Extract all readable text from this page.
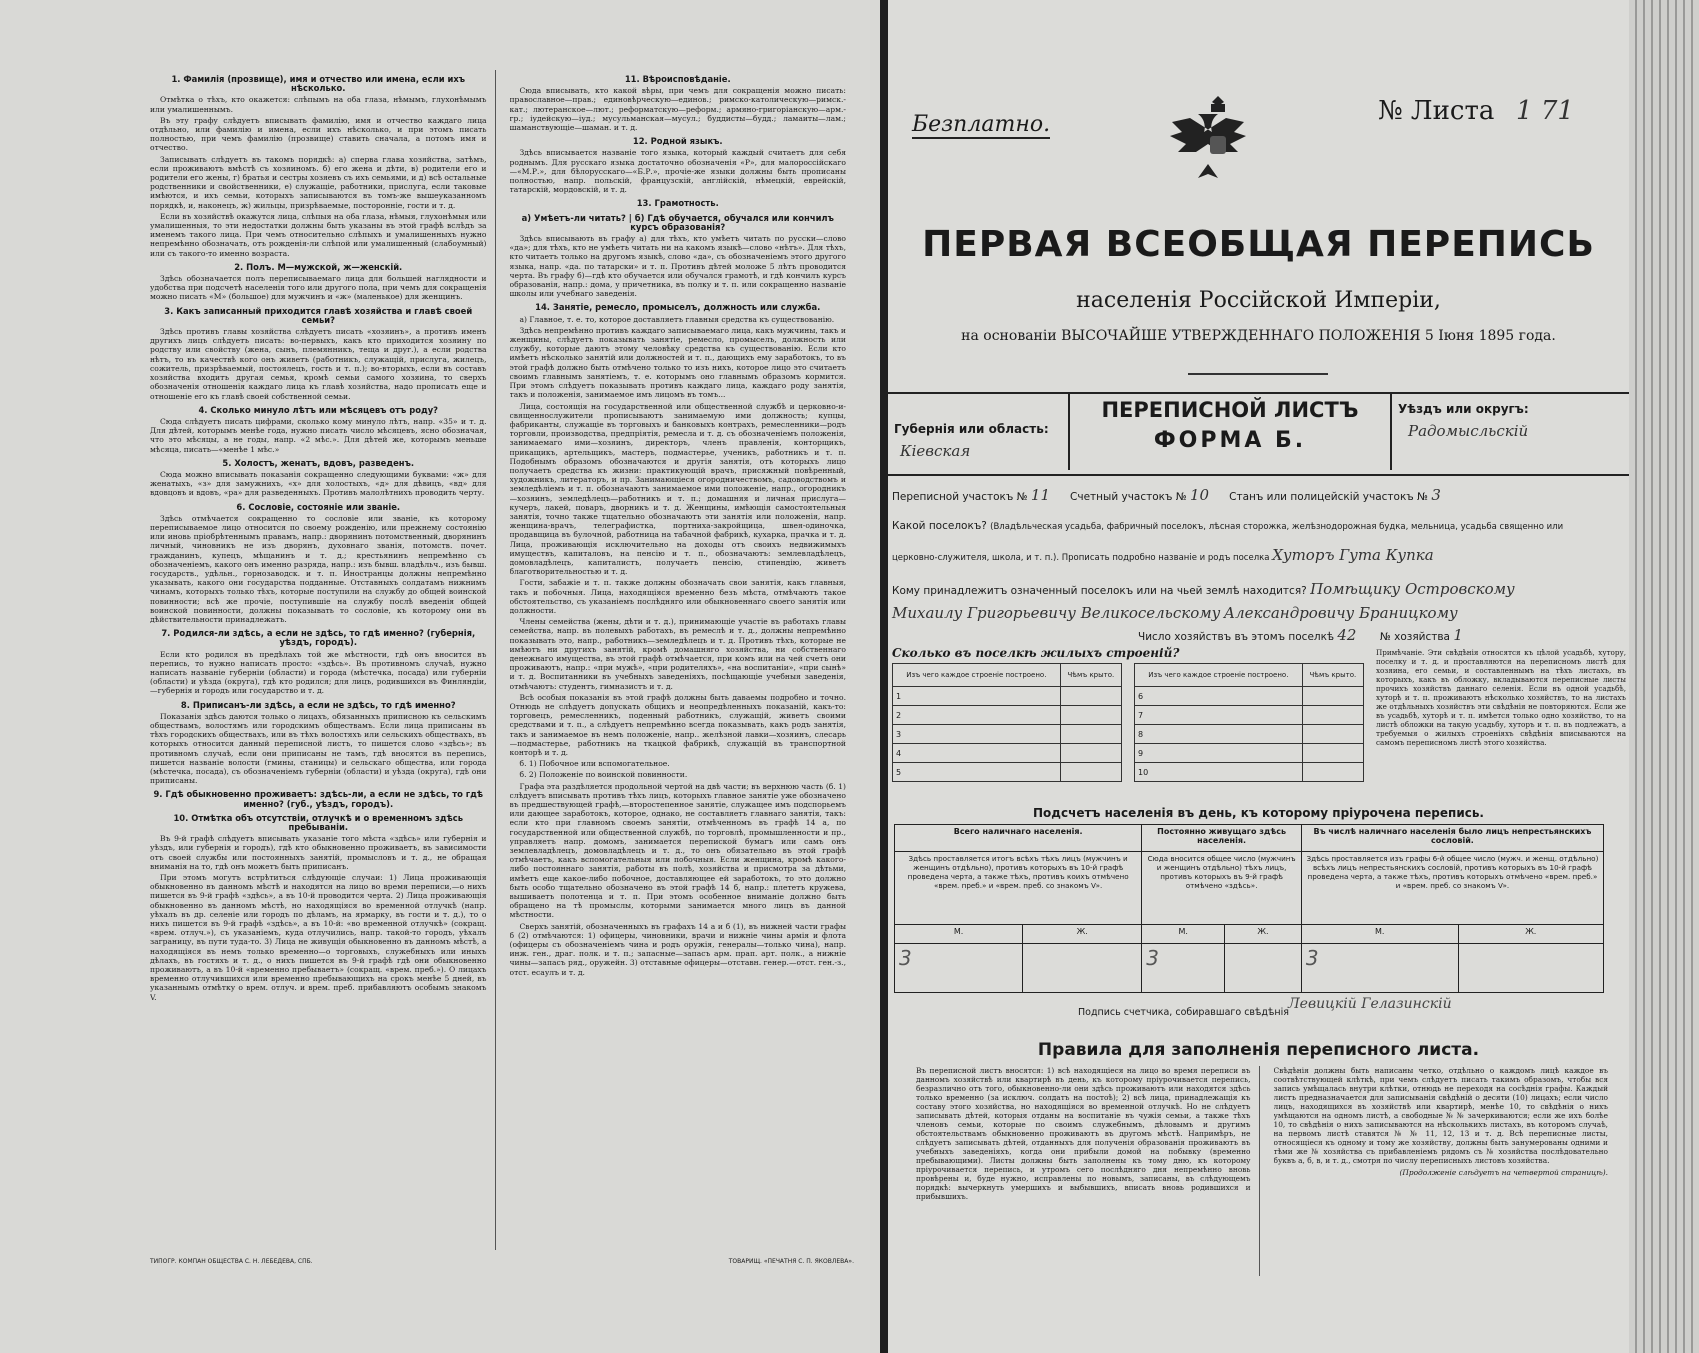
1. Фамилія (прозвище), имя и отчество или имена, если ихъ нѣсколько.

Отмѣтка о тѣхъ, кто окажется: слѣпымъ на оба глаза, нѣмымъ, глухонѣмымъ или умалишеннымъ.

Въ эту графу слѣдуетъ вписывать фамилію, имя и отчество каждаго лица отдѣльно, или фамилію и имена, если ихъ нѣсколько, и при этомъ писать полностью, при чемъ фамилію (прозвище) ставить сначала, а потомъ имя и отчество.

Записывать слѣдуетъ въ такомъ порядкѣ: а) сперва глава хозяйства, затѣмъ, если проживаютъ вмѣстѣ съ хозяиномъ. б) его жена и дѣти, в) родители его и родители его жены, г) братья и сестры хозяевъ съ ихъ семьями, и д) всѣ остальные родственники и свойственники, е) служащіе, работники, прислуга, если таковые имѣются, и ихъ семьи, которыхъ записываются въ томъ-же вышеуказанномъ порядкѣ, и, наконецъ, ж) жильцы, призрѣваемые, посторонніе, гости и т. д.

Если въ хозяйствѣ окажутся лица, слѣпыя на оба глаза, нѣмыя, глухонѣмыя или умалишенныя, то эти недостатки должны быть указаны въ этой графѣ вслѣдъ за именемъ такого лица. При чемъ относительно слѣпыхъ и умалишенныхъ нужно непремѣнно обозначать, отъ рожденія-ли слѣпой или умалишенный (слабоумный) или съ такого-то именно возраста.

2. Полъ. М—мужской, ж—женскій.

Здѣсь обозначается полъ переписываемаго лица для большей наглядности и удобства при подсчетѣ населенія того или другого пола, при чемъ для сокращенія можно писать «М» (большое) для мужчинъ и «ж» (маленькое) для женщинъ.

3. Какъ записанный приходится главѣ хозяйства и главѣ своей семьи?

Здѣсь противъ главы хозяйства слѣдуетъ писать «хозяинъ», а противъ именъ другихъ лицъ слѣдуетъ писать: во-первыхъ, какъ кто приходится хозяину по родству или свойству (жена, сынъ, племянникъ, теща и друг.), а если родства нѣтъ, то въ качествѣ кого онъ живетъ (работникъ, служащій, прислуга, жилецъ, сожитель, призрѣваемый, постоялецъ, гость и т. п.); во-вторыхъ, если въ составъ хозяйства входитъ другая семья, кромѣ семьи самого хозяина, то сверхъ обозначенія отношенія каждаго лица къ главѣ хозяйства, надо прописать еще и отношеніе его къ главѣ своей собственной семьи.

4. Сколько минуло лѣтъ или мѣсяцевъ отъ роду?

Сюда слѣдуетъ писать цифрами, сколько кому минуло лѣтъ, напр. «35» и т. д. Для дѣтей, которымъ менѣе года, нужно писать число мѣсяцевъ, ясно обозначая, что это мѣсяцы, а не годы, напр. «2 мѣс.». Для дѣтей же, которымъ меньше мѣсяца, писать—«менѣе 1 мѣс.»

5. Холостъ, женатъ, вдовъ, разведенъ.

Сюда можно вписывать показанія сокращенно следующими буквами: «ж» для женатыхъ, «з» для замужнихъ, «х» для холостыхъ, «д» для дѣвицъ, «вд» для вдовцовъ и вдовъ, «ра» для разведенныхъ. Противъ малолѣтнихъ проводить черту.

6. Сословіе, состояніе или званіе.

Здѣсь отмѣчается сокращенно то сословіе или званіе, къ которому переписываемое лицо относится по своему рожденію, или прежнему состоянію или иновь пріобрѣтеннымъ правамъ, напр.: дворянинъ потомственный, дворянинъ личный, чиновникъ не изъ дворянъ, духовнаго званія, потомств. почет. гражданинъ, купецъ, мѣщанинъ и т. д.; крестьянинъ непремѣнно съ обозначеніемъ, какого онъ именно разряда, напр.: изъ бывш. владѣльч., изъ бывш. государств., удѣльн., горнозаводск. и т. п. Иностранцы должны непремѣнно указывать, какого они государства подданные. Отставныхъ солдатамъ нижнимъ чинамъ, которыхъ только тѣхъ, которые поступили на службу до общей воинской повинности; всѣ же прочіе, поступившіе на службу послѣ введенія общей воинской повинности, должны показывать то сословіе, къ которому они въ дѣйствительности принадлежатъ.

7. Родился-ли здѣсь, а если не здѣсь, то гдѣ именно? (губернія, уѣздъ, городъ).

Если кто родился въ предѣлахъ той же мѣстности, гдѣ онъ вносится въ перепись, то нужно написать просто: «здѣсь». Въ противномъ случаѣ, нужно написать названіе губерніи (области) и города (мѣстечка, посада) или губерніи (области) и уѣзда (округа), гдѣ кто родился; для лицъ, родившихся въ Финляндіи,—губернія и городъ или государство и т. д.

8. Приписанъ-ли здѣсь, а если не здѣсь, то гдѣ именно?

Показанія здѣсь даются только о лицахъ, обязанныхъ приписною къ сельскимъ обществамъ, волостямъ или городскимъ обществамъ. Если лица приписаны въ тѣхъ городскихъ обществахъ, или въ тѣхъ волостяхъ или сельскихъ обществахъ, въ которыхъ относится данный переписной листъ, то пишется слово «здѣсь»; въ противномъ случаѣ, если они приписаны не тамъ, гдѣ вносятся въ перепись, пишется названіе волости (гмины, станицы) и сельскаго общества, или города (мѣстечка, посада), съ обозначеніемъ губерніи (области) и уѣзда (округа), гдѣ они приписаны.

9. Гдѣ обыкновенно проживаетъ: здѣсь-ли, а если не здѣсь, то гдѣ именно? (губ., уѣздъ, городъ).
10. Отмѣтка объ отсутствіи, отлучкѣ и о временномъ здѣсь пребываніи.

Въ 9-й графѣ слѣдуетъ вписывать указаніе того мѣста «здѣсь» или губернія и уѣздъ, или губернія и городъ), гдѣ кто обыкновенно проживаетъ, въ зависимости отъ своей службы или постоянныхъ занятій, промысловъ и т. д., не обращая вниманія на то, гдѣ онъ можетъ быть приписанъ.

При этомъ могутъ встрѣтиться слѣдующіе случаи: 1) Лица проживающія обыкновенно въ данномъ мѣстѣ и находятся на лицо во время переписи,—о нихъ пишется въ 9-й графѣ «здѣсь», а въ 10-й проводится черта. 2) Лица проживающія обыкновенно въ данномъ мѣстѣ, но находящіяся во временной отлучкѣ (напр. уѣхалъ въ др. селеніе или городъ по дѣламъ, на ярмарку, въ гости и т. д.), то о нихъ пишется въ 9-й графѣ «здѣсь», а въ 10-й: «во временной отлучкѣ» (сокращ. «врем. отлуч.»), съ указаніемъ, куда отлучились, напр. такой-то городъ, уѣхалъ заграницу, въ пути туда-то. 3) Лица не живущія обыкновенно въ данномъ мѣстѣ, а находящіяся въ немъ только временно—о торговыхъ, служебныхъ или иныхъ дѣлахъ, въ гостяхъ и т. д., о нихъ пишется въ 9-й графѣ гдѣ они обыкновенно проживаютъ, а въ 10-й «временно пребываетъ» (сокращ. «врем. преб.»). О лицахъ временно отлучившихся или временно пребывающихъ на срокъ менѣе 5 дней, въ указаннымъ отмѣтку о врем. отлуч. и врем. преб. прибавляютъ особымъ знакомъ V.

11. Вѣроисповѣданіе.

Сюда вписывать, кто какой вѣры, при чемъ для сокращенія можно писать: православное—прав.; единовѣрческую—единов.; римско-католическую—римск.-кат.; лютеранское—лют.; реформатскую—реформ.; армяно-григоріанскую—арм.-гр.; іудейскую—іуд.; мусульманская—мусул.; буддисты—будд.; ламаиты—лам.; шаманствующіе—шаман. и т. д.

12. Родной языкъ.

Здѣсь вписывается названіе того языка, который каждый считаетъ для себя роднымъ. Для русскаго языка достаточно обозначенія «Р», для малороссійскаго—«М.Р.», для бѣлорусскаго—«Б.Р.», прочіе-же языки должны быть прописаны полностью, напр. польскій, французскій, англійскій, нѣмецкій, еврейскій, татарскій, мордовскій, и т. д.

13. Грамотность.
а) Умѣетъ-ли читать? | б) Гдѣ обучается, обучался или кончилъ курсъ образованія?

Здѣсь вписывають въ графу а) для тѣхъ, кто умѣетъ читать по русски—слово «да»; для тѣхъ, кто не умѣетъ читать ни на какомъ языкѣ—слово «нѣтъ». Для тѣхъ, кто читаетъ только на другомъ языкѣ, слово «да», съ обозначеніемъ этого другого языка, напр. «да. по татарски» и т. п. Противъ дѣтей моложе 5 лѣтъ проводится черта. Въ графу б)—гдѣ кто обучается или обучался грамотѣ, и гдѣ кончилъ курсъ образованія, напр.: дома, у причетника, въ полку и т. п. или сокращенно названіе школы или учебнаго заведенія.

14. Занятіе, ремесло, промыселъ, должность или служба.

а) Главное, т. е. то, которое доставляетъ главныя средства къ существованію.

Здѣсь непремѣнно противъ каждаго записываемаго лица, какъ мужчины, такъ и женщины, слѣдуетъ показывать занятіе, ремесло, промыселъ, должность или службу, которые даютъ этому человѣку средства къ существованію. Если кто имѣетъ нѣсколько занятій или должностей и т. п., дающихъ ему заработокъ, то въ этой графѣ должно быть отмѣчено только то изъ нихъ, которое лицо это считаетъ своимъ главнымъ занятіемъ, т. е. которымъ оно главнымъ образомъ кормится. При этомъ слѣдуетъ показывать противъ каждаго лица, каждаго роду занятія, такъ и положенія, занимаемое имъ лицомъ въ томъ...

Лица, состоящія на государственной или общественной службѣ и церковно-и-священнослужители прописываютъ занимаемую ими должность; купцы, фабриканты, служащіе въ торговыхъ и банковыхъ контрахъ, ремесленники—родъ торговли, производства, предпріятія, ремесла и т. д. съ обозначеніемъ положенія, занимаемаго ими—хозяинъ, директоръ, членъ правленія, конторщикъ, прикащикъ, артельщикъ, мастеръ, подмастерье, ученикъ, работникъ и т. п. Подобнымъ образомъ обозначаются и другія занятія, отъ которыхъ лицо получаетъ средства къ жизни: практикующій врачъ, присяжный повѣренный, художникъ, литераторъ, и пр. Занимающіеся огородничествомъ, садоводствомъ и земледѣліемъ и т. п. обозначаютъ занимаемое ими положеніе, напр., огородникъ—хозяинъ, земледѣлецъ—работникъ и т. п.; домашняя и личная прислуга—кучеръ, лакей, поваръ, дворникъ и т. д. Женщины, имѣющія самостоятельныя занятія, точно также тщательно обозначаютъ эти занятія или положенія, напр. женщина-врачъ, телеграфистка, портниха-закройщица, швея-одиночка, продавщица въ булочной, работница на табачной фабрикѣ, кухарка, прачка и т. д. Лица, проживающія исключительно на доходы отъ своихъ недвижимыхъ имуществъ, капиталовъ, на пенсію и т. п., обозначаютъ: землевладѣлецъ, домовладѣлецъ, капиталистъ, получаетъ пенсію, стипендію, живетъ благотворительностью и т. д.

Гости, забажіе и т. п. также должны обозначать свои занятія, какъ главныя, такъ и побочныя. Лица, находящіяся временно безъ мѣста, отмѣчаютъ такое обстоятельство, съ указаніемъ послѣдняго или обыкновеннаго своего занятія или должности.

Члены семейства (жены, дѣти и т. д.), принимающіе участіе въ работахъ главы семейства, напр. въ полевыхъ работахъ, въ ремеслѣ и т. д., должны непремѣнно показывать это, напр., работникъ—земледѣлецъ и т. д. Противъ тѣхъ, которые не имѣютъ ни другихъ занятій, кромѣ домашняго хозяйства, ни собственнаго денежнаго имущества, въ этой графѣ отмѣчается, при комъ или на чей счетъ они проживаютъ, напр.: «при мужѣ», «при родителяхъ», «на воспитаніи», «при сынѣ» и т. д. Воспитанники въ учебныхъ заведеніяхъ, посѣщающіе учебныя заведенія, отмѣчаютъ: студентъ, гимназистъ и т. д.

Всѣ особыя показанія въ этой графѣ должны быть даваемы подробно и точно. Отнюдь не слѣдуетъ допускать общихъ и неопредѣленныхъ показаній, какъ-то: торговецъ, ремесленникъ, поденный работникъ, служащій, живетъ своими средствами и т. п., а слѣдуетъ непремѣнно всегда показывать, какъ родъ занятія, такъ и занимаемое въ немъ положеніе, напр.. желѣзной лавки—хозяинъ, слесарь—подмастерье, работникъ на ткацкой фабрикѣ, служащій въ транспортной конторѣ и т. д.

б. 1) Побочное или вспомогательное.

б. 2) Положеніе по воинской повинности.

Графа эта раздѣляется продольной чертой на двѣ части; въ верхнюю часть (б. 1) слѣдуетъ вписывать противъ тѣхъ лицъ, которыхъ главное занятіе уже обозначено въ предшествующей графѣ,—второстепенное занятіе, служащее имъ подспорьемъ или дающее заработокъ, которое, однако, не составляетъ главнаго занятія, такъ: если кто при главномъ своемъ занятіи, отмѣченномъ въ графѣ 14 а, по государственной или общественной службѣ, по торговлѣ, промышленности и пр., управляетъ напр. домомъ, занимается перепиской бумагъ или самъ онъ землевладѣлецъ, домовладѣлецъ и т. д., то онъ обязательно въ этой графѣ отмѣчаетъ, какъ вспомогательныя или побочныя. Если женщина, кромѣ какого-либо постояннаго занятія, работы въ полѣ, хозяйства и присмотра за дѣтьми, имѣетъ еще какое-либо побочное, доставляющее ей заработокъ, то это должно быть особо тщательно обозначено въ этой графѣ 14 б, напр.: плететъ кружева, вышиваетъ полотенца и т. п. При этомъ особенное вниманіе должно быть обращено на тѣ промыслы, которыми занимается много лицъ въ данной мѣстности.

Сверхъ занятій, обозначенныхъ въ графахъ 14 а и б (1), въ нижней части графы б (2) отмѣчаются: 1) офицеры, чиновники, врачи и нижніе чины армія и флота (офицеры съ обозначеніемъ чина и родъ оружія, генералы—только чина), напр. инж. ген., драг. полк. и т. п.; запасные—запасъ арм. прап. арт. полк., а нижніе чины—запасъ ряд., оружейн. 3) отставные офицеры—отставн. генер.—отст. ген.-з., отст. есаулъ и т. д.

ТИПОГР. КОМПАН ОБЩЕСТВА С. Н. ЛЕБЕДЕВА, СПБ.	ТОВАРИЩ. «ПЕЧАТНЯ С. П. ЯКОВЛЕВА».
Безплатно.	№ Листа 1 71
ПЕРВАЯ ВСЕОБЩАЯ ПЕРЕПИСЬ
населенія Россійской Имперіи,
на основаніи ВЫСОЧАЙШЕ УТВЕРЖДЕННАГО ПОЛОЖЕНІЯ 5 Іюня 1895 года.
Губернія или область:
Кіевская
ПЕРЕПИСНОЙ ЛИСТЪ
ФОРМА Б.
Уѣздъ или округъ:
Радомысльскій
Переписной участокъ № 11 Счетный участокъ № 10 Станъ или полицейскій участокъ № 3
Какой поселокъ? (Владѣльческая усадьба, фабричный поселокъ, лѣсная сторожка, желѣзнодорожная будка, мельница, усадьба священно или
церковно-служителя, школа, и т. п.). Прописать подробно названіе и родъ поселка Хуторъ Гута Купка
Кому принадлежитъ означенный поселокъ или на чьей землѣ находится? Помѣщику Островскому
Михаилу Григорьевичу Великосельскому Александровичу Браницкому
Число хозяйствъ въ этомъ поселкѣ 42 № хозяйства 1
Сколько въ поселкѣ жилыхъ строеній?
Изъ чего каждое строеніе построено.	Чѣмъ крыто.
1	
2	
3	
4	
5	
Изъ чего каждое строеніе построено.	Чѣмъ крыто.
6	
7	
8	
9	
10	
Примѣчаніе. Эти свѣдѣнія относятся къ цѣлой усадьбѣ, хутору, поселку и т. д. и проставляются на переписномъ листѣ для хозяина, его семьи, и составленнымъ на тѣхъ листахъ, въ которыхъ, какъ въ обложку, вкладываются переписные листы прочихъ хозяйствъ даннаго селенія. Если въ одной усадьбѣ, хуторѣ и т. п. проживаютъ нѣсколько хозяйствъ, то на листахъ же отдѣльныхъ хозяйствъ эти свѣдѣнія не повторяются. Если же въ усадьбѣ, хуторѣ и т. п. имѣется только одно хозяйство, то на листѣ обложки на такую усадьбу, хуторъ и т. п. въ подлежатъ, а требуемыя о жилыхъ строеніяхъ свѣдѣнія вписываются на самомъ переписномъ листѣ этого хозяйства.
Подсчетъ населенія въ день, къ которому пріурочена перепись.
Всего наличнаго населенія.		Постоянно живущаго здѣсь населенія.		Въ числѣ наличнаго населенія было лицъ непрестьянскихъ сословій.	
Здѣсь проставляется итогъ всѣхъ тѣхъ лицъ (мужчинъ и женщинъ отдѣльно), противъ которыхъ въ 10-й графѣ проведена черта, а также тѣхъ, противъ коихъ отмѣчено «врем. преб.» и «врем. преб. со знакомъ V».		Сюда вносится общее число (мужчинъ и женщинъ отдѣльно) тѣхъ лицъ, противъ которыхъ въ 9-й графѣ отмѣчено «здѣсь».		Здѣсь проставляется изъ графы 6-й общее число (мужч. и женщ. отдѣльно) всѣхъ лицъ непрестьянскихъ сословій, противъ которыхъ въ 10-й графѣ проведена черта, а также тѣхъ, противъ которыхъ отмѣчено «врем. преб.» и «врем. преб. со знакомъ V».	
М.	Ж.	М.	Ж.	М.	Ж.
3		3		3	
Подпись счетчика, собиравшаго свѣдѣнія
Левицкій Гелазинскій
Правила для заполненія переписного листа.
Въ переписной листъ вносятся: 1) всѣ находящіеся на лицо во время переписи въ данномъ хозяйствѣ или квартирѣ въ день, къ которому пріурочивается перепись, безразлично отъ того, обыкновенно-ли они здѣсь проживаютъ или находятся здѣсь только временно (за исключ. солдатъ на постоѣ); 2) всѣ лица, принадлежащія къ составу этого хозяйства, но находящіяся во временной отлучкѣ. Но не слѣдуетъ записывать дѣтей, которыя отданы на воспитаніе въ чужія семьи, а также тѣхъ членовъ семьи, которые по своимъ служебнымъ, дѣловымъ и другимъ обстоятельствамъ обыкновенно проживаютъ въ другомъ мѣстѣ. Напримѣръ, не слѣдуетъ записывать дѣтей, отданныхъ для полученія образованія проживаютъ въ учебныхъ заведеніяхъ, когда они прибыли домой на побывку (временно пребывающими). Листы должны быть заполнены къ тому дню, къ которому пріурочивается перепись, и утромъ сего послѣдняго дня непремѣнно вновь провѣрены и, буде нужно, исправлены по новымъ, записаны, въ слѣдующемъ порядкѣ: вычеркнуть умершихъ и выбывшихъ, вписать вновь родившихся и прибывшихъ.
Свѣдѣнія должны быть написаны четко, отдѣльно о каждомъ лицѣ каждое въ соотвѣтствующей клѣткѣ, при чемъ слѣдуетъ писать такимъ образомъ, чтобы вся запись умѣщалась внутри клѣтки, отнюдь не переходя на сосѣднія графы. Каждый листъ предназначается для записыванія свѣдѣній о десяти (10) лицахъ; если число лицъ, находящихся въ хозяйствѣ или квартирѣ, менѣе 10, то свѣдѣнія о нихъ умѣщаются на одномъ листѣ, а свободные № № зачеркиваются; если же ихъ болѣе 10, то свѣдѣнія о нихъ записываются на нѣсколькихъ листахъ, въ которомъ случаѣ, на первомъ листѣ ставятся № № 11, 12, 13 и т. д. Всѣ переписные листы, относящіеся къ одному и тому же хозяйству, должны быть занумерованы одними и тѣми же № хозяйства съ прибавленіемъ рядомъ съ № хозяйства послѣдовательно буквъ а, б, в, и т. д., смотря по числу переписныхъ листовъ хозяйства.
(Продолженіе слѣдуетъ на четвертой страницѣ).
